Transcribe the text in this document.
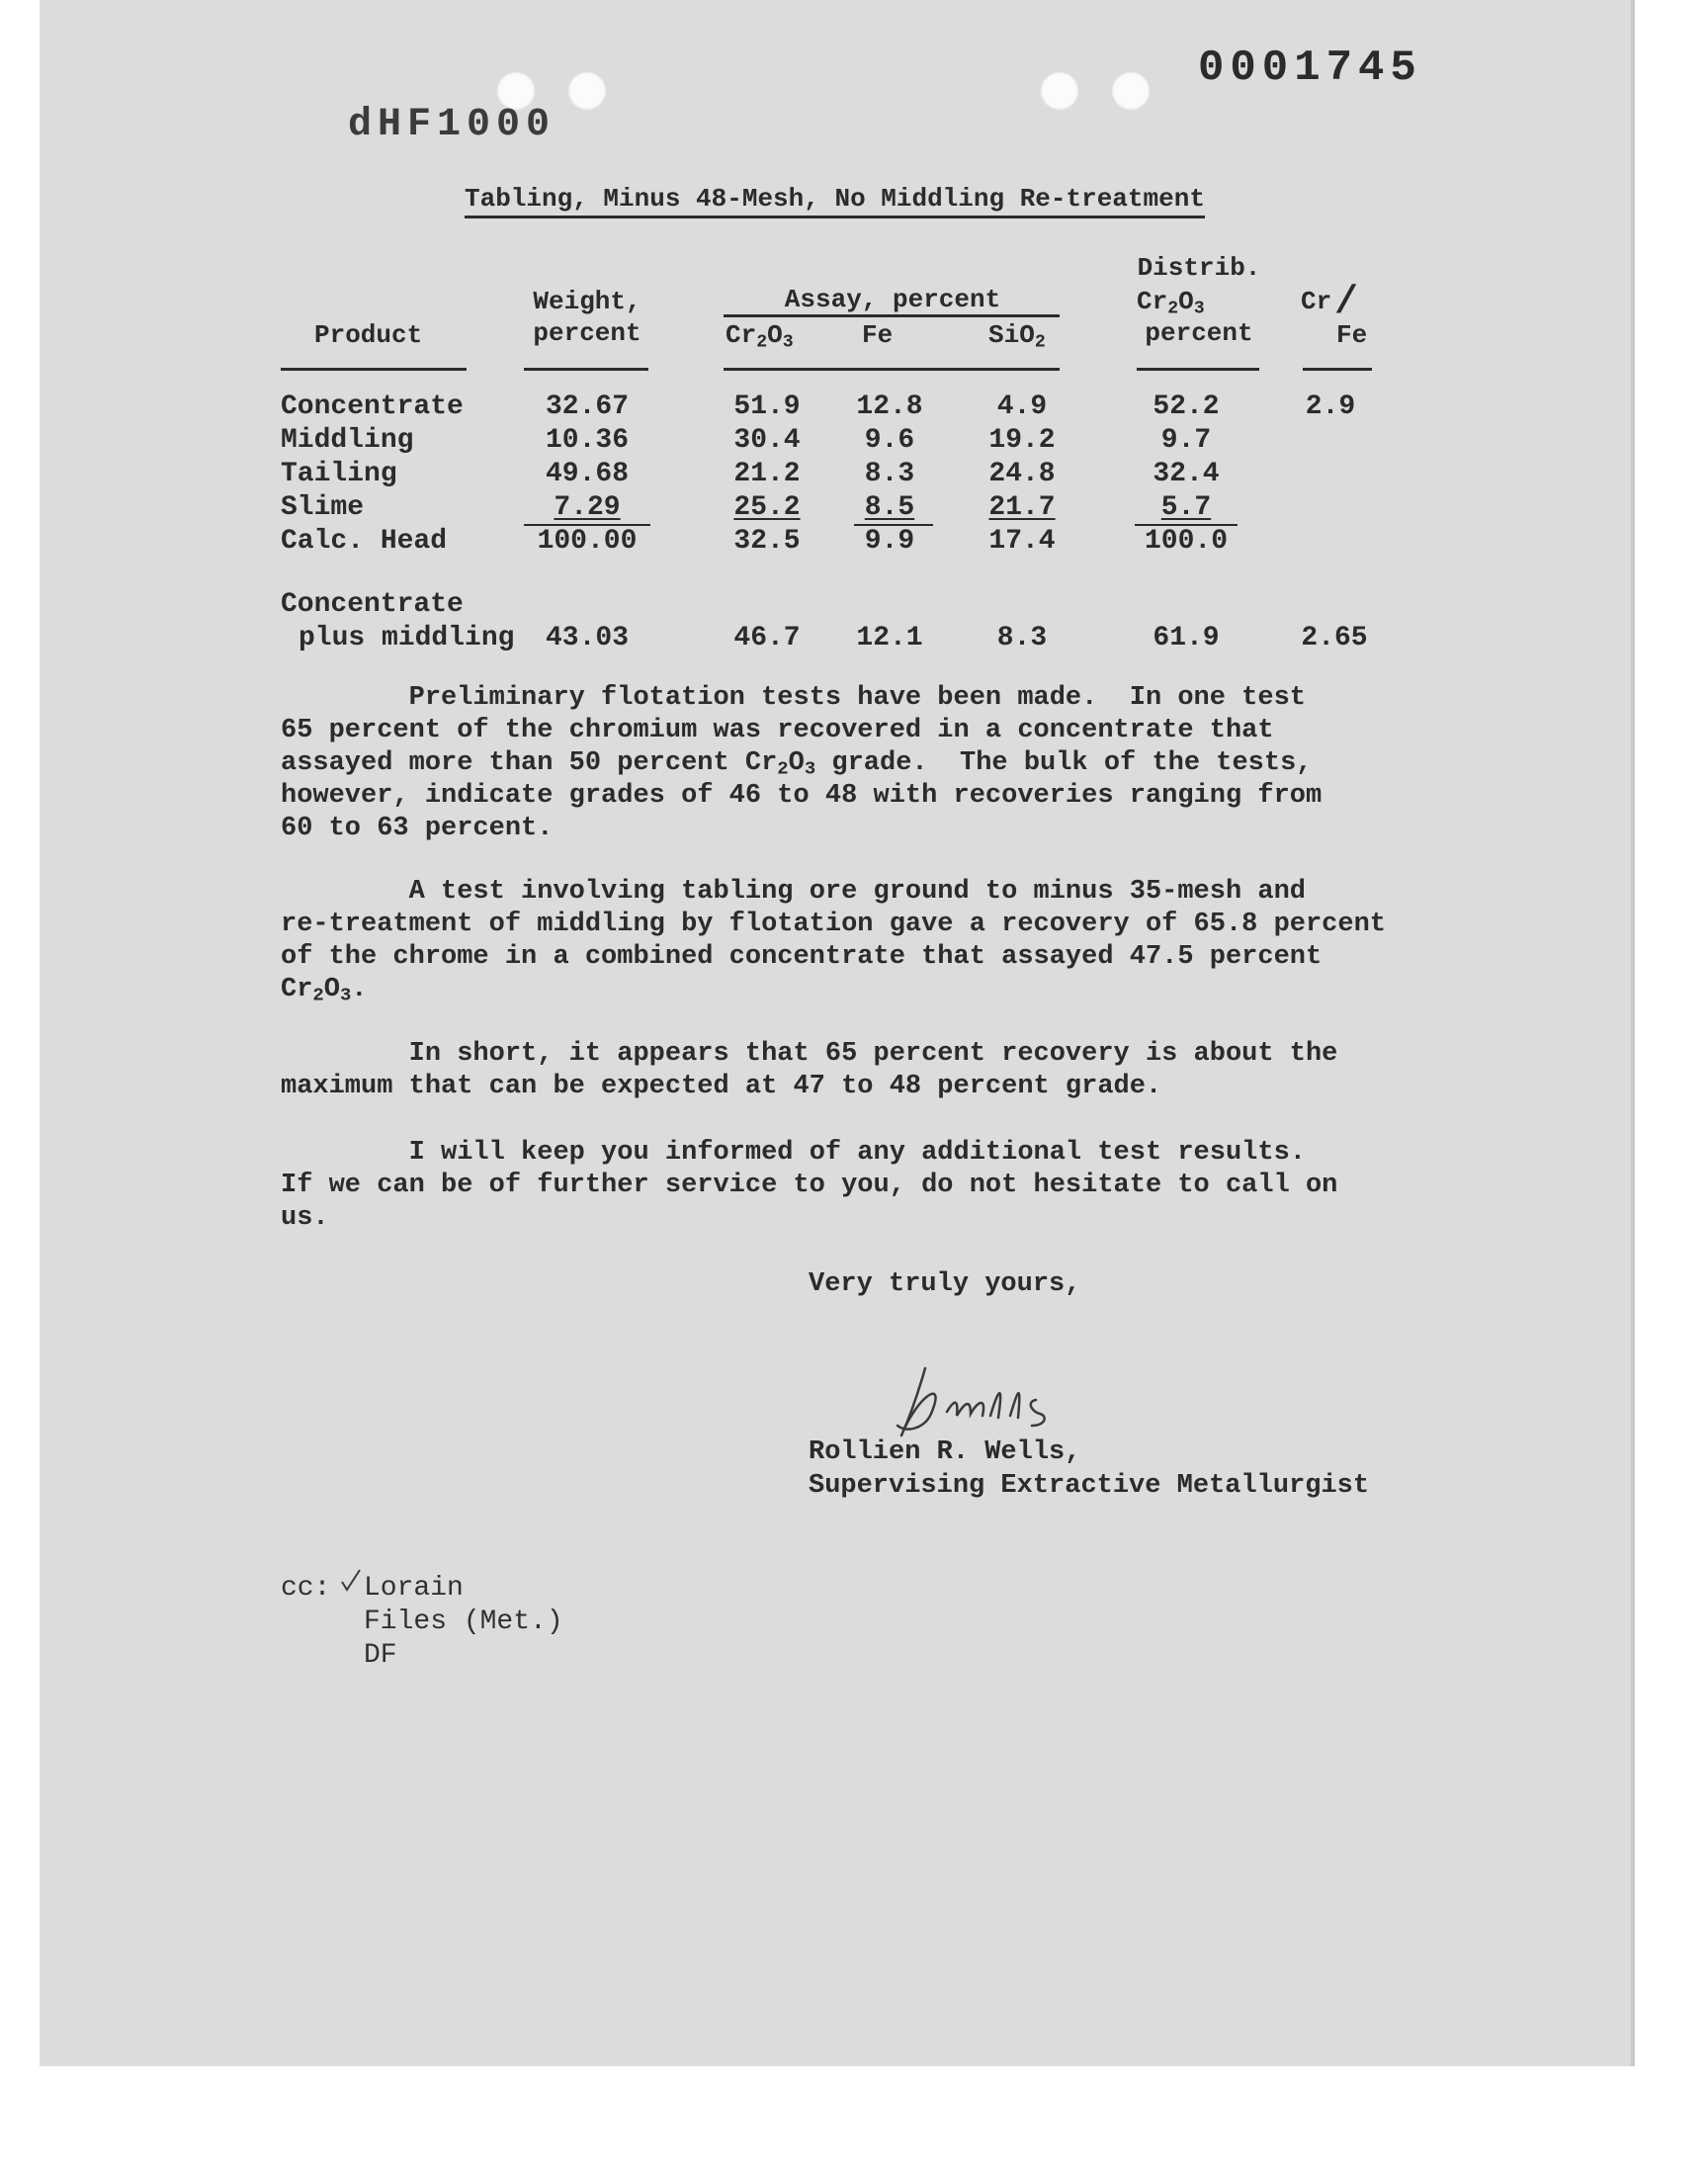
0001745
dHF1000
Tabling, Minus 48-Mesh, No Middling Re-treatment
Product
Weight,
percent
Assay, percent
$Cr_2O_3$	Fe	SiO$_2$
Distrib.
$Cr_2O_3$
percent
Cr /
Fe
Concentrate	32.67	51.9	12.8	4.9	52.2	2.9
Middling	10.36	30.4	9.6	19.2	9.7
Tailing	49.68	21.2	8.3	24.8	32.4
Slime	7.29	25.2	8.5	21.7	5.7
Calc. Head	100.00	32.5	9.9	17.4	100.0
Concentrate
plus middling	43.03	46.7	12.1	8.3	61.9	2.65
Preliminary flotation tests have been made.  In one test
65 percent of the chromium was recovered in a concentrate that
assayed more than 50 percent $Cr_2O_3$ grade.  The bulk of the tests,
however, indicate grades of 46 to 48 with recoveries ranging from
60 to 63 percent.
A test involving tabling ore ground to minus 35-mesh and
re-treatment of middling by flotation gave a recovery of 65.8 percent
of the chrome in a combined concentrate that assayed 47.5 percent
$Cr_2O_3$.
In short, it appears that 65 percent recovery is about the
maximum that can be expected at 47 to 48 percent grade.
I will keep you informed of any additional test results.
If we can be of further service to you, do not hesitate to call on
us.
Very truly yours,
Rollien R. Wells,
Supervising Extractive Metallurgist

cc:

Lorain

Files (Met.)

DF
